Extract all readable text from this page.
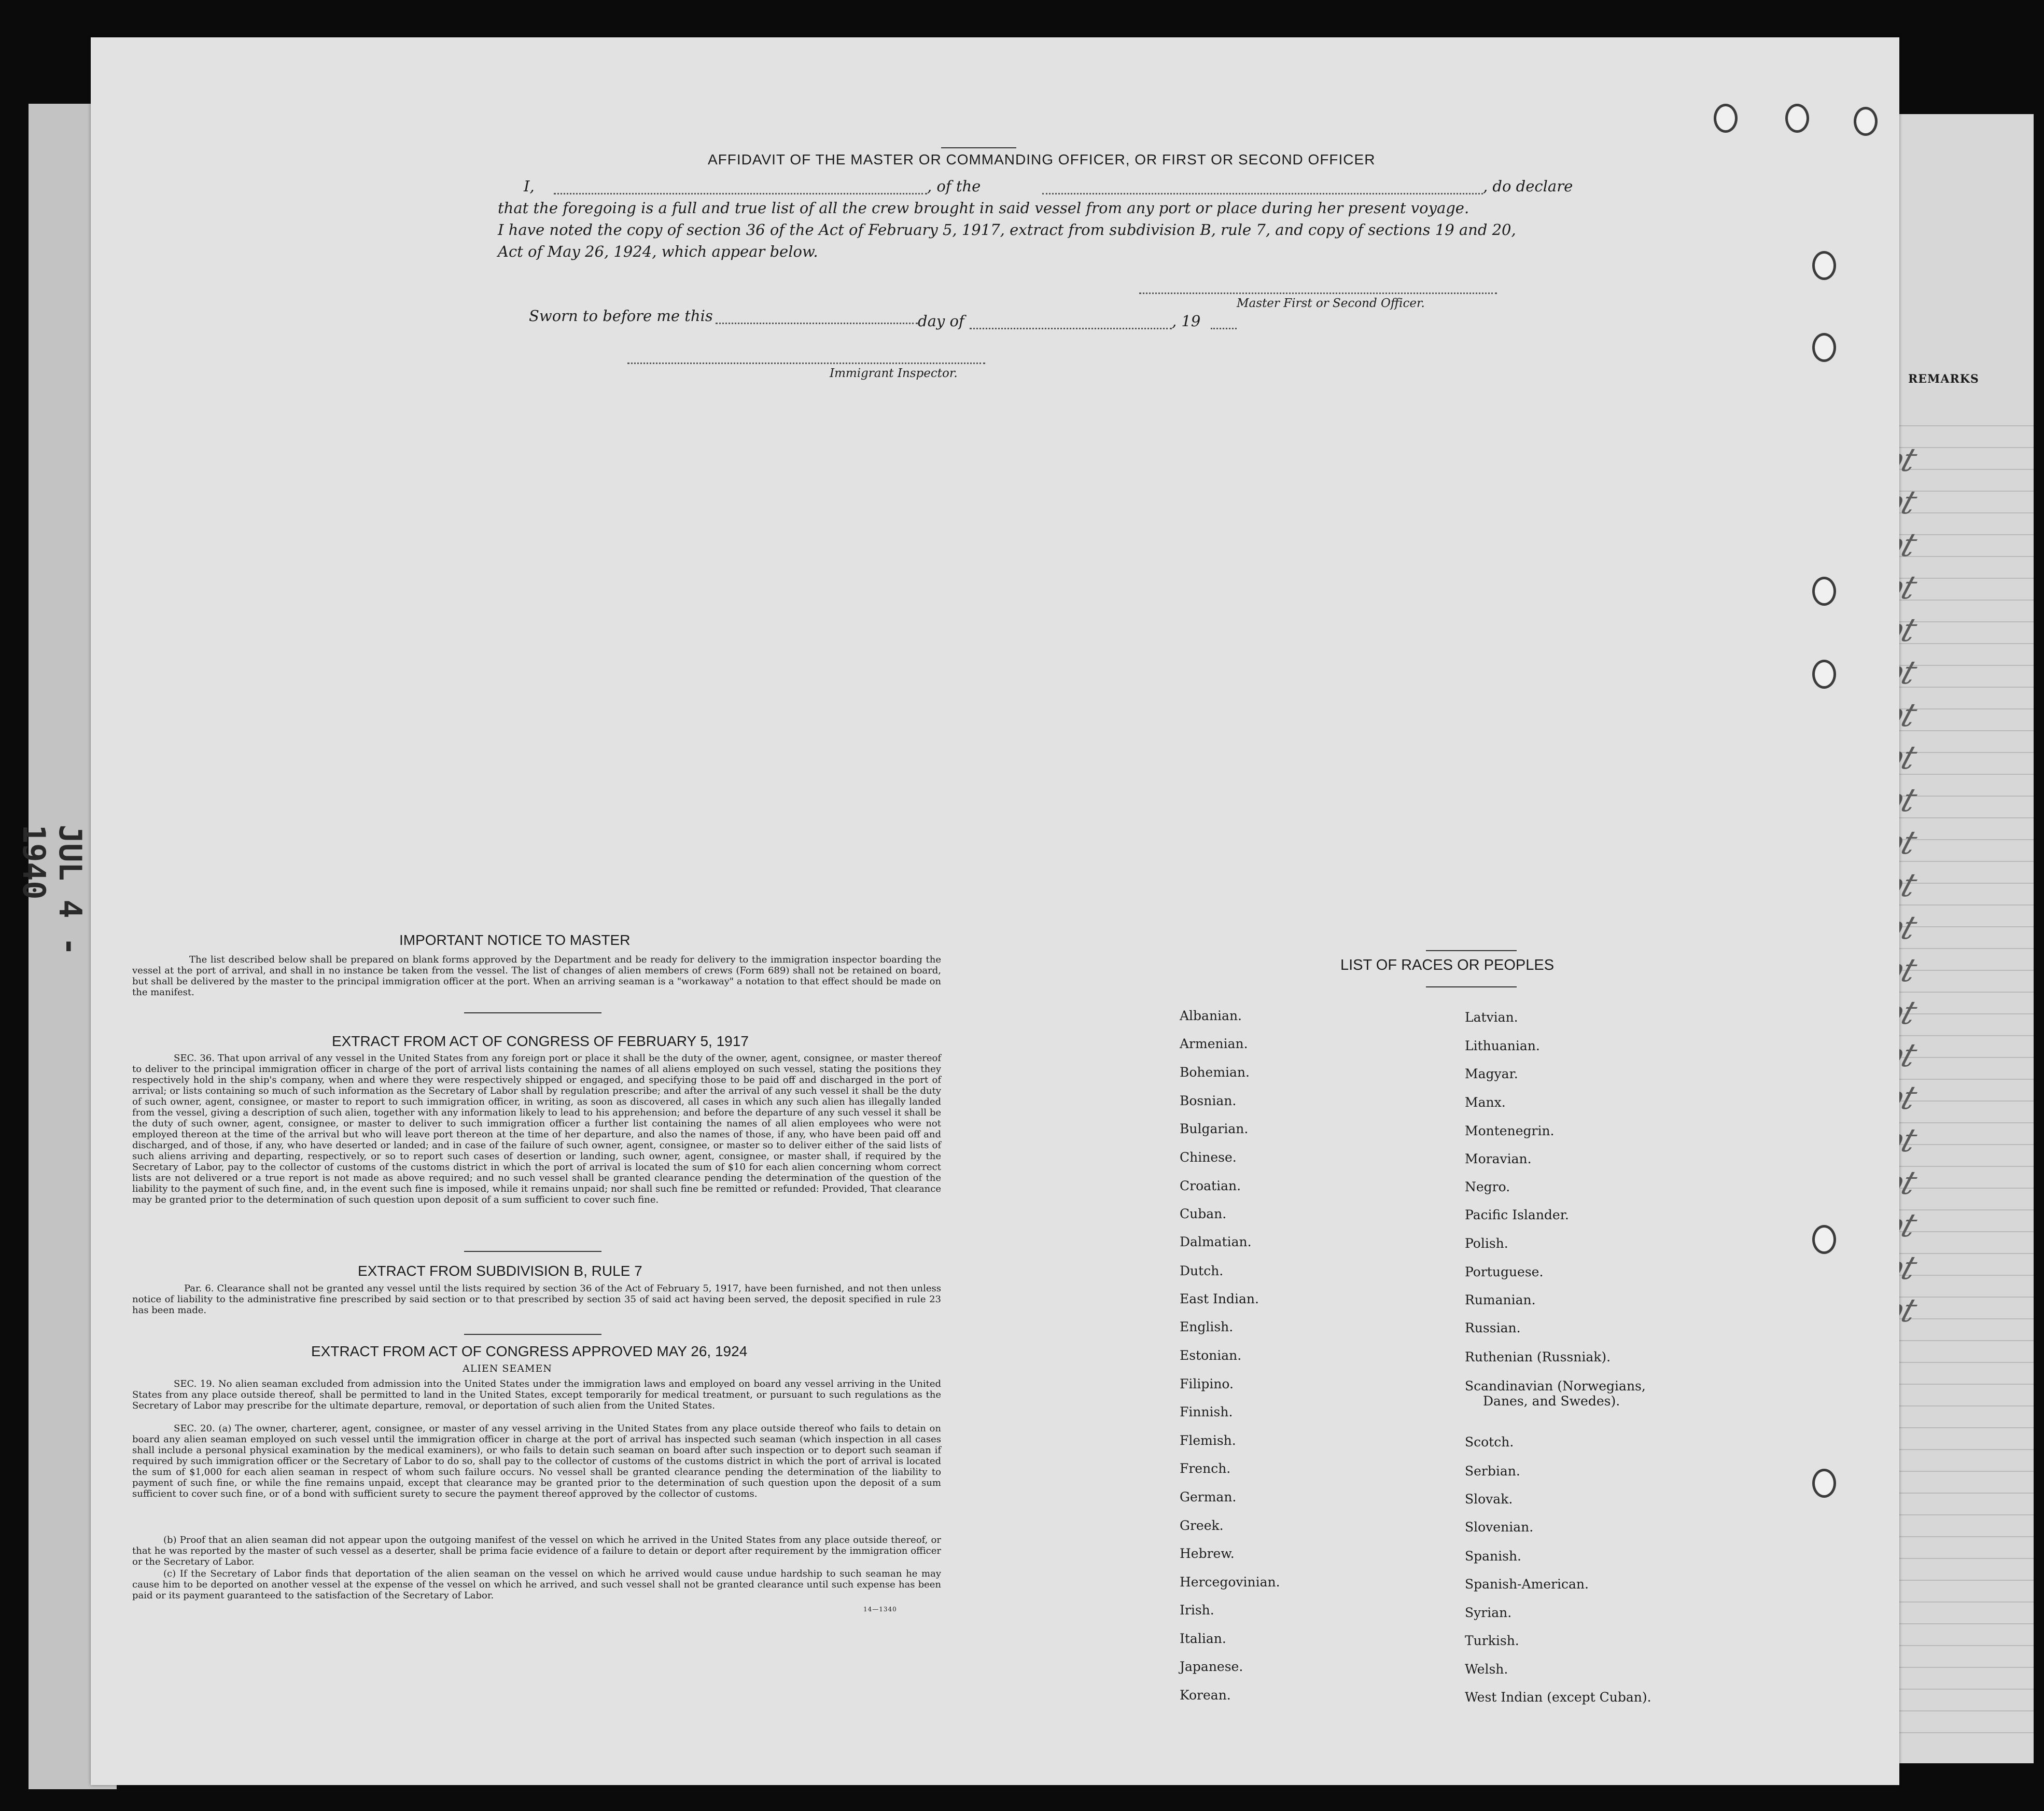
REMARKS
JUL 4 - 1940
AFFIDAVIT OF THE MASTER OR COMMANDING OFFICER, OR FIRST OR SECOND OFFICER
I,	, of the	, do declare
that the foregoing is a full and true list of all the crew brought in said vessel from any port or place during her present voyage.
I have noted the copy of section 36 of the Act of February 5, 1917, extract from subdivision B, rule 7, and copy of sections 19 and 20,
Act of May 26, 1924, which appear below.
Master First or Second Officer.
Sworn to before me this	day of	, 19
Immigrant Inspector.
IMPORTANT NOTICE TO MASTER
The list described below shall be prepared on blank forms approved by the Department and be ready for delivery to the immigration inspector boarding the vessel at the port of arrival, and shall in no instance be taken from the vessel. The list of changes of alien members of crews (Form 689) shall not be retained on board, but shall be delivered by the master to the principal immigration officer at the port. When an arriving seaman is a "workaway" a notation to that effect should be made on the manifest.
EXTRACT FROM ACT OF CONGRESS OF FEBRUARY 5, 1917
SEC. 36. That upon arrival of any vessel in the United States from any foreign port or place it shall be the duty of the owner, agent, consignee, or master thereof to deliver to the principal immigration officer in charge of the port of arrival lists containing the names of all aliens employed on such vessel, stating the positions they respectively hold in the ship's company, when and where they were respectively shipped or engaged, and specifying those to be paid off and discharged in the port of arrival; or lists containing so much of such information as the Secretary of Labor shall by regulation prescribe; and after the arrival of any such vessel it shall be the duty of such owner, agent, consignee, or master to report to such immigration officer, in writing, as soon as discovered, all cases in which any such alien has illegally landed from the vessel, giving a description of such alien, together with any information likely to lead to his apprehension; and before the departure of any such vessel it shall be the duty of such owner, agent, consignee, or master to deliver to such immigration officer a further list containing the names of all alien employees who were not employed thereon at the time of the arrival but who will leave port thereon at the time of her departure, and also the names of those, if any, who have been paid off and discharged, and of those, if any, who have deserted or landed; and in case of the failure of such owner, agent, consignee, or master so to deliver either of the said lists of such aliens arriving and departing, respectively, or so to report such cases of desertion or landing, such owner, agent, consignee, or master shall, if required by the Secretary of Labor, pay to the collector of customs of the customs district in which the port of arrival is located the sum of $10 for each alien concerning whom correct lists are not delivered or a true report is not made as above required; and no such vessel shall be granted clearance pending the determination of the question of the liability to the payment of such fine, and, in the event such fine is imposed, while it remains unpaid; nor shall such fine be remitted or refunded: Provided, That clearance may be granted prior to the determination of such question upon deposit of a sum sufficient to cover such fine.
EXTRACT FROM SUBDIVISION B, RULE 7
Par. 6. Clearance shall not be granted any vessel until the lists required by section 36 of the Act of February 5, 1917, have been furnished, and not then unless notice of liability to the administrative fine prescribed by said section or to that prescribed by section 35 of said act having been served, the deposit specified in rule 23 has been made.
EXTRACT FROM ACT OF CONGRESS APPROVED MAY 26, 1924
ALIEN SEAMEN
SEC. 19. No alien seaman excluded from admission into the United States under the immigration laws and employed on board any vessel arriving in the United States from any place outside thereof, shall be permitted to land in the United States, except temporarily for medical treatment, or pursuant to such regulations as the Secretary of Labor may prescribe for the ultimate departure, removal, or deportation of such alien from the United States.
SEC. 20. (a) The owner, charterer, agent, consignee, or master of any vessel arriving in the United States from any place outside thereof who fails to detain on board any alien seaman employed on such vessel until the immigration officer in charge at the port of arrival has inspected such seaman (which inspection in all cases shall include a personal physical examination by the medical examiners), or who fails to detain such seaman on board after such inspection or to deport such seaman if required by such immigration officer or the Secretary of Labor to do so, shall pay to the collector of customs of the customs district in which the port of arrival is located the sum of $1,000 for each alien seaman in respect of whom such failure occurs. No vessel shall be granted clearance pending the determination of the liability to payment of such fine, or while the fine remains unpaid, except that clearance may be granted prior to the determination of such question upon the deposit of a sum sufficient to cover such fine, or of a bond with sufficient surety to secure the payment thereof approved by the collector of customs.
(b) Proof that an alien seaman did not appear upon the outgoing manifest of the vessel on which he arrived in the United States from any place outside thereof, or that he was reported by the master of such vessel as a deserter, shall be prima facie evidence of a failure to detain or deport after requirement by the immigration officer or the Secretary of Labor.
(c) If the Secretary of Labor finds that deportation of the alien seaman on the vessel on which he arrived would cause undue hardship to such seaman he may cause him to be deported on another vessel at the expense of the vessel on which he arrived, and such vessel shall not be granted clearance until such expense has been paid or its payment guaranteed to the satisfaction of the Secretary of Labor.
14—1340
LIST OF RACES OR PEOPLES
Albanian.
Armenian.
Bohemian.
Bosnian.
Bulgarian.
Chinese.
Croatian.
Cuban.
Dalmatian.
Dutch.
East Indian.
English.
Estonian.
Filipino.
Finnish.
Flemish.
French.
German.
Greek.
Hebrew.
Hercegovinian.
Irish.
Italian.
Japanese.
Korean.
Latvian.
Lithuanian.
Magyar.
Manx.
Montenegrin.
Moravian.
Negro.
Pacific Islander.
Polish.
Portuguese.
Rumanian.
Russian.
Ruthenian (Russniak).
Scandinavian (Norwegians,
Danes, and Swedes).
Scotch.
Serbian.
Slovak.
Slovenian.
Spanish.
Spanish-American.
Syrian.
Turkish.
Welsh.
West Indian (except Cuban).
